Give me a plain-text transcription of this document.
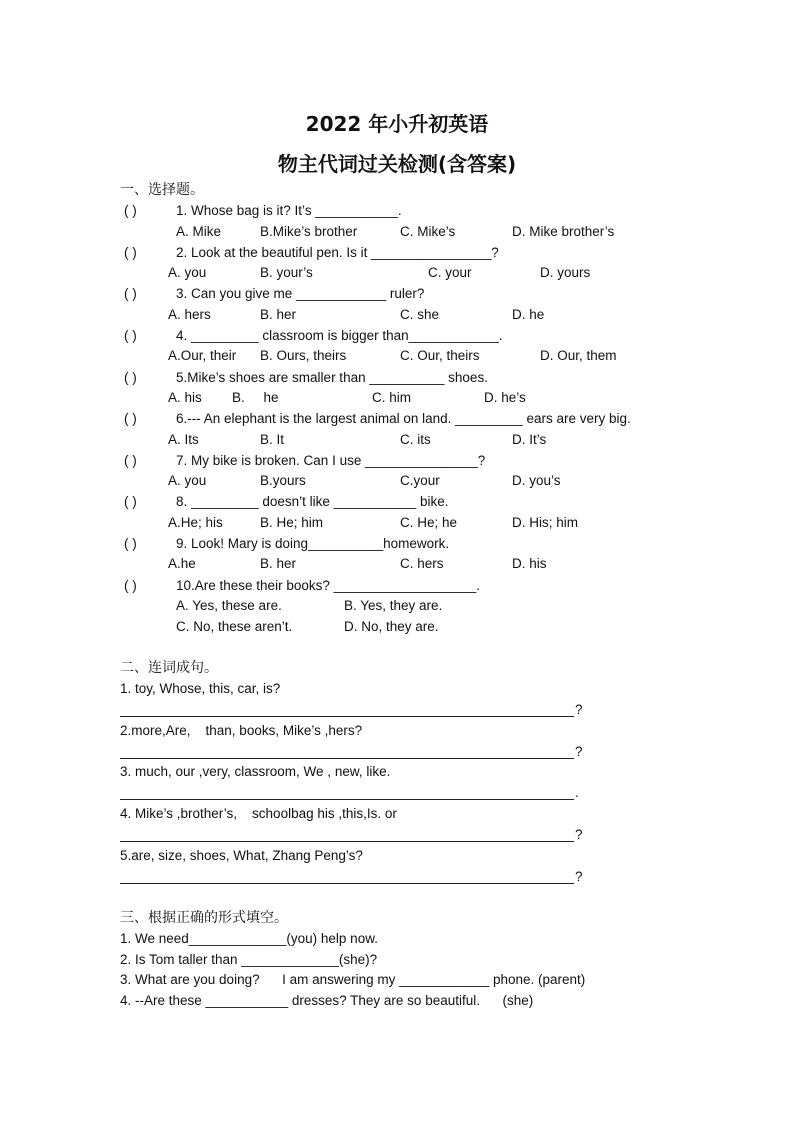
2022 年小升初英语
物主代词过关检测(含答案)
一、选择题。
( )	1. Whose bag is it? It’s ___________.
A. Mike	B.Mike’s brother	C. Mike’s	D. Mike brother’s
( )	2. Look at the beautiful pen. Is it ________________?
A. you	B. your’s	C. your	D. yours
( )	3. Can you give me ____________ ruler?
A. hers	B. her	C. she	D. he
( )	4. _________ classroom is bigger than____________.
A.Our, their B. Ours, theirs	C. Our, theirs	D. Our, them
( )	5.Mike’s shoes are smaller than __________ shoes.
A. his B.     he	C. him	D. he’s
( )	6.--- An elephant is the largest animal on land. _________ ears are very big.
A. Its	B. It	C. its	D. It’s
( )	7. My bike is broken. Can I use _______________?
A. you	B.yours	C.your	D. you’s
( )	8. _________ doesn’t like ___________ bike.
A.He; his	B. He; him	C. He; he	D. His; him
( )	9. Look! Mary is doing__________homework.
A.he	B. her	C. hers	D. his
( )	10.Are these their books? ___________________.
A. Yes, these are.	B. Yes, they are.
C. No, these aren’t.	D. No, they are.
二、连词成句。
1. toy, Whose, this, car, is?
?
2.more,Are,    than, books, Mike’s ,hers?
?
3. much, our ,very, classroom, We , new, like.
.
4. Mike’s ,brother’s,    schoolbag his ,this,Is. or
?
5.are, size, shoes, What, Zhang Peng’s?
?
三、根据正确的形式填空。
1. We need_____________(you) help now.
2. Is Tom taller than _____________(she)?
3. What are you doing?      I am answering my ____________ phone. (parent)
4. --Are these ___________ dresses? They are so beautiful.      (she)
